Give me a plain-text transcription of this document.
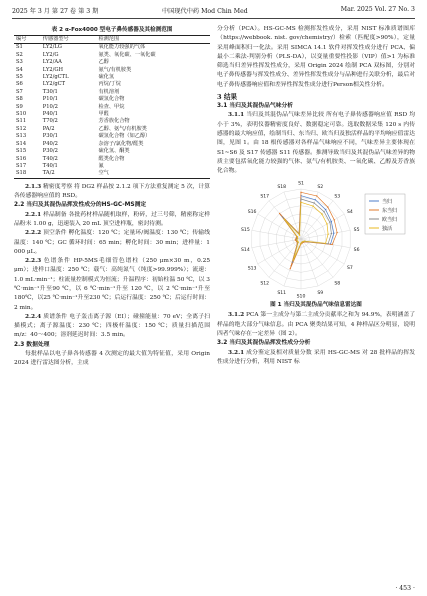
2025 年 3 月 第 27 卷 第 3 期	中国现代中药 Mod Chin Med	Mar. 2025 Vol. 27 No. 3
表 2 α-Fox4000 型电子鼻传感器及其检测范围
编号	传感器型号	检测范围
S1	LY2/LG	氧化能力较强的气体
S2	LY2/G	氨类、氧化碳、一氧化碳
S3	LY2/AA	乙醇
S4	LY2/GH	氨气/有机胺类
S5	LY2/gCTL	硫化氢
S6	LY2/gCT	丙烷/丁烷
S7	T30/1	有机溶剂
S8	P10/1	碳氢化合物
S9	P10/2	检查、甲烷
S10	P40/1	甲醛
S11	T70/2	芳香族化合物
S12	PA/2	乙醇、氨气/有机胺类
S13	P30/1	碳氢化合物（如乙醇）
S14	P40/2	杂溶子/氯化物/醛类
S15	P30/2	硫化氢、酮类
S16	T40/2	醛类化合物
S17	T40/1	氟
S18	TA/2	空气

2.1.3 精密度考察 将 DG2 样品按 2.1.2 项下方法重复测定 5 次，计算各传感器响应值的 RSD。

2.2 当归及其混伪品挥发性成分的HS-GC-MS测定

2.2.1 样品制备 各批药材样品随机取样，粉碎，过三号筛，精密称定样品粉末 1.00 g，迅速装入 20 mL 顶空进样瓶，密封待测。

2.2.2 顶空条件 孵化温度：120 ℃；定量环/阀温度：130 ℃；传输线温度：140 ℃；GC 循环时间：65 min；孵化时间：30 min；进样量：1 000 μL。

2.2.3 色谱条件 HP-5MS毛细管色谱柱（250 μm×30 m，0.25 μm）；进样口温度：250 ℃；载气：高纯氮气（纯度>99.999%）；流速：1.0 mL·min⁻¹；柱流量控制模式为恒流；升温程序：初始柱温 50 ℃，以 3 ℃·min⁻¹升至90 ℃，以 6 ℃·min⁻¹升至 120 ℃，以 2 ℃·min⁻¹升至180℃，以25 ℃·min⁻¹升至230 ℃；后运行温度：250 ℃；后运行时间：2 min。

2.2.4 质谱条件 电子轰击离子源（EI）；碰撞能量：70 eV；全离子扫描模式；离子源温度：230 ℃；四极杆温度：150 ℃；质量扫描范围 m/z：40～400；溶剂延迟时间：3.5 min。

2.3 数据处理

每批样品以电子鼻各传感器 4 次测定的最大值为特征值，采用 Origin 2024 进行雷达图分析，主成

分分析（PCA）。HS-GC-MS 检测挥发性成分，采用 NIST 标准质谱图库（https://webbook. nist. gov/chemistry/）检索（匹配度>90%），定量采用峰面积归一化法。采用 SIMCA 14.1 软件对挥发性成分进行 PCA、偏最小二乘法-判别分析（PLS-DA），以变量重要性投影（VIP）值>1 为标准筛选当归差异性挥发性成分，采用 Origin 2024 绘制 PCA 双标图，分别对电子鼻传感器与挥发性成分、差异性挥发性成分与品种进行关联分析，最后对电子鼻传感器响应值和差异性挥发性成分进行Person相关性分析。

3 结果

3.1 当归及其混伪品气味分析

3.1.1 当归及其混伪品气味差异比较 所有电子鼻传感器响应值 RSD 均小于 3%，表明仪器精密度良好、数据稳定可靠。选取数据采集 120 s 内传感器的最大响应值，绘制当归、东当归、欧当归及独活样品的平均响应值雷达图，见图 1。由 18 根传感器对各样品气味响应不同，气味差异主要体现在 S1~S6 及 S17 传感器 S11 传感器。推测导致当归及其混伪品气味差异的物质主要包括氧化能力较强的气体、氨气/有机胺类、一氧化碳、乙醇及芳香族化合物。

S1
S2
S3
S4
S5
S6
S7
S8
S9
S10
S11
S12
S13
S14
S15
S16
S17
S18
当归
东当归
欧当归
独活
图 1 当归及其混伪品气味信息雷达图

3.1.2 PCA 第一主成分与第二主成分贡献率之和为 94.9%，表明涵盖了样品的绝大部分气味信息。由 PCA 聚类结果可知，4 种样品区分明显，说明四者气味存在一定差异（图 2）。

3.2 当归及其混伪品挥发性成分分析

3.2.1 成分鉴定及相对质量分数 采用 HS-GC-MS 对 28 批样品的挥发性成分进行分析，利用 NIST 标

· 453 ·
